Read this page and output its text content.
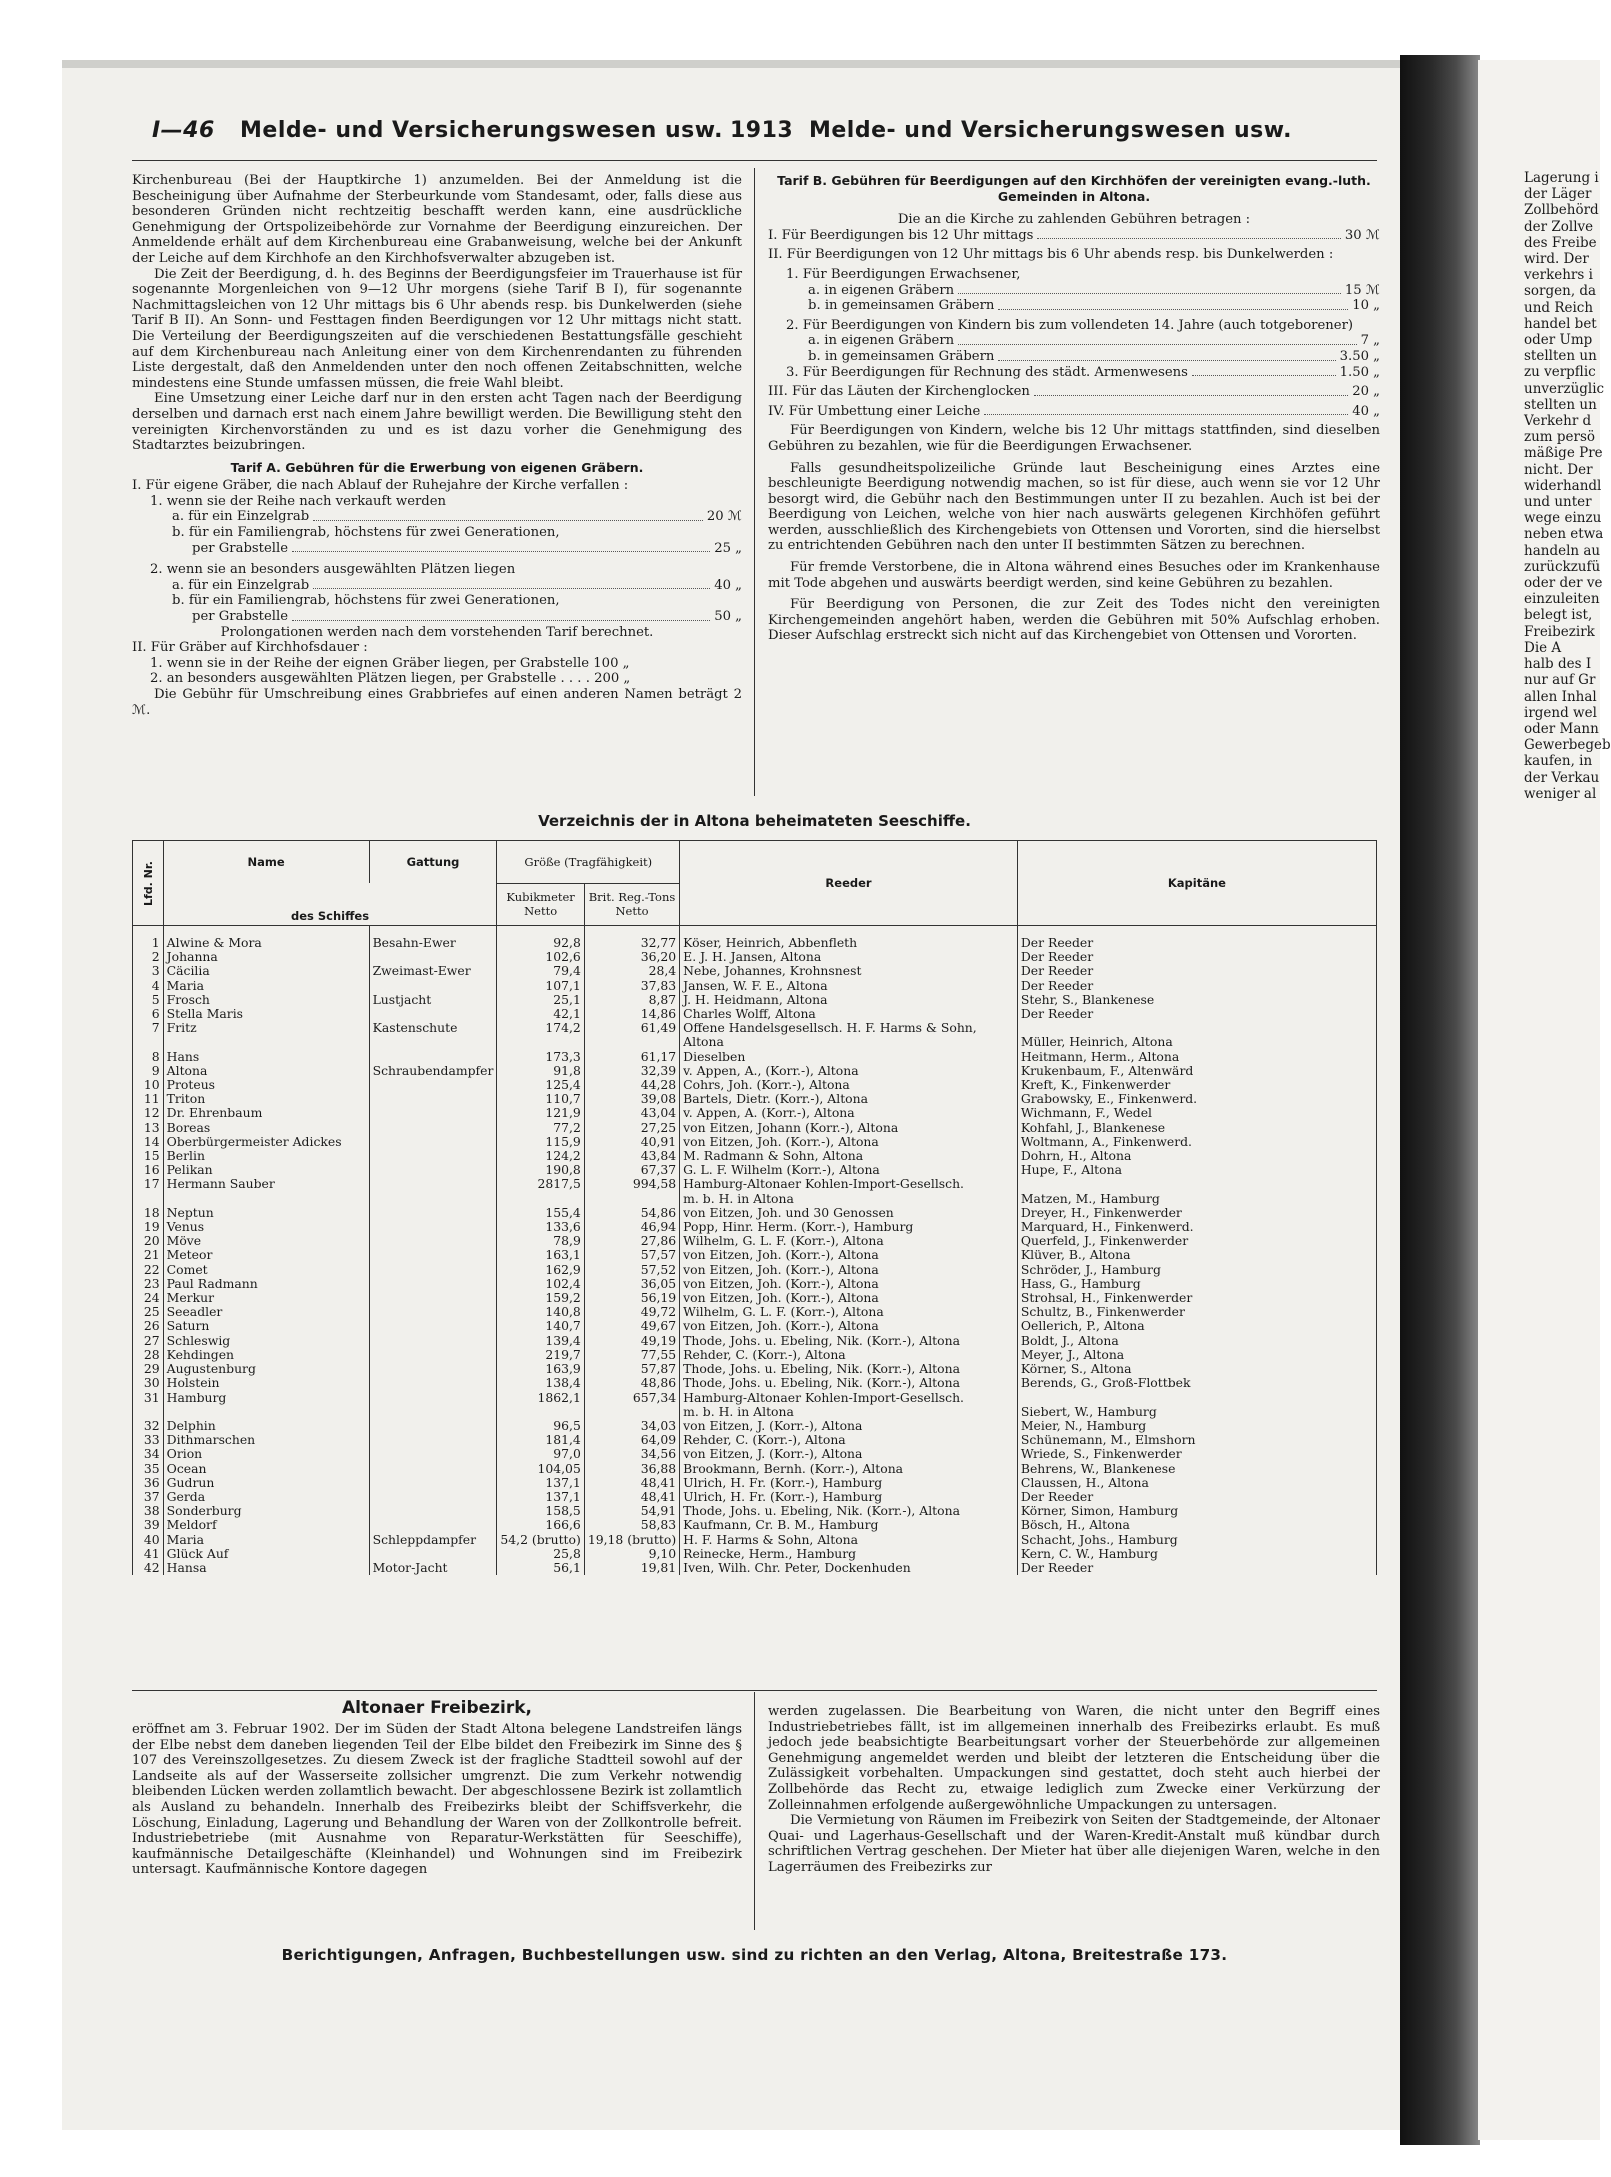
Lagerung i
der Läger
Zollbehörd
der Zollve
des Freibe
wird. Der
verkehrs i
sorgen, da
und Reich
handel bet
oder Ump
stellten un
zu verpflic
unverzüglic
stellten un
Verkehr d
zum persö
mäßige Pre
nicht. Der
widerhandl
und unter
wege einzu
neben etwa
handeln au
zurückzufü
oder der ve
einzuleiten
belegt ist,
Freibezirk
Die A
halb des I
nur auf Gr
allen Inhal
irgend wel
oder Mann
Gewerbegeb
kaufen, in
der Verkau
weniger al
I—46 Melde- und Versicherungswesen usw. 1913 Melde- und Versicherungswesen usw.

Kirchenbureau (Bei der Hauptkirche 1) anzumelden. Bei der Anmeldung ist die Bescheinigung über Aufnahme der Sterbeurkunde vom Standesamt, oder, falls diese aus besonderen Gründen nicht rechtzeitig beschafft werden kann, eine ausdrückliche Genehmigung der Ortspolizeibehörde zur Vornahme der Beerdigung einzureichen. Der Anmeldende erhält auf dem Kirchenbureau eine Grabanweisung, welche bei der Ankunft der Leiche auf dem Kirchhofe an den Kirchhofsverwalter abzugeben ist.

Die Zeit der Beerdigung, d. h. des Beginns der Beerdigungsfeier im Trauerhause ist für sogenannte Morgenleichen von 9—12 Uhr morgens (siehe Tarif B I), für sogenannte Nachmittagsleichen von 12 Uhr mittags bis 6 Uhr abends resp. bis Dunkelwerden (siehe Tarif B II). An Sonn- und Festtagen finden Beerdigungen vor 12 Uhr mittags nicht statt. Die Verteilung der Beerdigungszeiten auf die verschiedenen Bestattungsfälle geschieht auf dem Kirchenbureau nach Anleitung einer von dem Kirchenrendanten zu führenden Liste dergestalt, daß den Anmeldenden unter den noch offenen Zeitabschnitten, welche mindestens eine Stunde umfassen müssen, die freie Wahl bleibt.

Eine Umsetzung einer Leiche darf nur in den ersten acht Tagen nach der Beerdigung derselben und darnach erst nach einem Jahre bewilligt werden. Die Bewilligung steht den vereinigten Kirchenvorständen zu und es ist dazu vorher die Genehmigung des Stadtarztes beizubringen.

Tarif A. Gebühren für die Erwerbung von eigenen Gräbern.

I. Für eigene Gräber, die nach Ablauf der Ruhejahre der Kirche verfallen :

1. wenn sie der Reihe nach verkauft werden

a. für ein Einzelgrab	20 ℳ

b. für ein Familiengrab, höchstens für zwei Generationen,

per Grabstelle	25 „

2. wenn sie an besonders ausgewählten Plätzen liegen

a. für ein Einzelgrab	40 „

b. für ein Familiengrab, höchstens für zwei Generationen,

per Grabstelle	50 „

Prolongationen werden nach dem vorstehenden Tarif berechnet.

II. Für Gräber auf Kirchhofsdauer :

1. wenn sie in der Reihe der eignen Gräber liegen, per Grabstelle 100 „

2. an besonders ausgewählten Plätzen liegen, per Grabstelle . . . . 200 „

Die Gebühr für Umschreibung eines Grabbriefes auf einen anderen Namen beträgt 2 ℳ.

Tarif B. Gebühren für Beerdigungen auf den Kirchhöfen der vereinigten evang.-luth. Gemeinden in Altona.

Die an die Kirche zu zahlenden Gebühren betragen :

I. Für Beerdigungen bis 12 Uhr mittags	30 ℳ

II. Für Beerdigungen von 12 Uhr mittags bis 6 Uhr abends resp. bis Dunkelwerden :

1. Für Beerdigungen Erwachsener,

a. in eigenen Gräbern	15 ℳ
b. in gemeinsamen Gräbern	10 „

2. Für Beerdigungen von Kindern bis zum vollendeten 14. Jahre (auch totgeborener)

a. in eigenen Gräbern	7 „
b. in gemeinsamen Gräbern	3.50 „
3. Für Beerdigungen für Rechnung des städt. Armenwesens	1.50 „
III. Für das Läuten der Kirchenglocken	20 „
IV. Für Umbettung einer Leiche	40 „

Für Beerdigungen von Kindern, welche bis 12 Uhr mittags stattfinden, sind dieselben Gebühren zu bezahlen, wie für die Beerdigungen Erwachsener.

Falls gesundheitspolizeiliche Gründe laut Bescheinigung eines Arztes eine beschleunigte Beerdigung notwendig machen, so ist für diese, auch wenn sie vor 12 Uhr besorgt wird, die Gebühr nach den Bestimmungen unter II zu bezahlen. Auch ist bei der Beerdigung von Leichen, welche von hier nach auswärts gelegenen Kirchhöfen geführt werden, ausschließlich des Kirchengebiets von Ottensen und Vororten, sind die hierselbst zu entrichtenden Gebühren nach den unter II bestimmten Sätzen zu berechnen.

Für fremde Verstorbene, die in Altona während eines Besuches oder im Krankenhause mit Tode abgehen und auswärts beerdigt werden, sind keine Gebühren zu bezahlen.

Für Beerdigung von Personen, die zur Zeit des Todes nicht den vereinigten Kirchengemeinden angehört haben, werden die Gebühren mit 50% Aufschlag erhoben. Dieser Aufschlag erstreckt sich nicht auf das Kirchengebiet von Ottensen und Vororten.

Verzeichnis der in Altona beheimateten Seeschiffe.
Lfd. Nr.	Name	Gattung	Größe (Tragfähigkeit)		Reeder	Kapitäne
	des Schiffes		Kubikmeter Netto	Brit. Reg.-Tons Netto		
1	Alwine & Mora	Besahn-Ewer	92,8	32,77	Köser, Heinrich, Abbenfleth	Der Reeder
2	Johanna		102,6	36,20	E. J. H. Jansen, Altona	Der Reeder
3	Cäcilia	Zweimast-Ewer	79,4	28,4	Nebe, Johannes, Krohnsnest	Der Reeder
4	Maria		107,1	37,83	Jansen, W. F. E., Altona	Der Reeder
5	Frosch	Lustjacht	25,1	8,87	J. H. Heidmann, Altona	Stehr, S., Blankenese
6	Stella Maris		42,1	14,86	Charles Wolff, Altona	Der Reeder
7	Fritz	Kastenschute	174,2	61,49	Offene Handelsgesellsch. H. F. Harms & Sohn,	
					Altona	Müller, Heinrich, Altona
8	Hans		173,3	61,17	Dieselben	Heitmann, Herm., Altona
9	Altona	Schraubendampfer	91,8	32,39	v. Appen, A., (Korr.-), Altona	Krukenbaum, F., Altenwärd
10	Proteus		125,4	44,28	Cohrs, Joh. (Korr.-), Altona	Kreft, K., Finkenwerder
11	Triton		110,7	39,08	Bartels, Dietr. (Korr.-), Altona	Grabowsky, E., Finkenwerd.
12	Dr. Ehrenbaum		121,9	43,04	v. Appen, A. (Korr.-), Altona	Wichmann, F., Wedel
13	Boreas		77,2	27,25	von Eitzen, Johann (Korr.-), Altona	Kohfahl, J., Blankenese
14	Oberbürgermeister Adickes		115,9	40,91	von Eitzen, Joh. (Korr.-), Altona	Woltmann, A., Finkenwerd.
15	Berlin		124,2	43,84	M. Radmann & Sohn, Altona	Dohrn, H., Altona
16	Pelikan		190,8	67,37	G. L. F. Wilhelm (Korr.-), Altona	Hupe, F., Altona
17	Hermann Sauber		2817,5	994,58	Hamburg-Altonaer Kohlen-Import-Gesellsch.	
					m. b. H. in Altona	Matzen, M., Hamburg
18	Neptun		155,4	54,86	von Eitzen, Joh. und 30 Genossen	Dreyer, H., Finkenwerder
19	Venus		133,6	46,94	Popp, Hinr. Herm. (Korr.-), Hamburg	Marquard, H., Finkenwerd.
20	Möve		78,9	27,86	Wilhelm, G. L. F. (Korr.-), Altona	Querfeld, J., Finkenwerder
21	Meteor		163,1	57,57	von Eitzen, Joh. (Korr.-), Altona	Klüver, B., Altona
22	Comet		162,9	57,52	von Eitzen, Joh. (Korr.-), Altona	Schröder, J., Hamburg
23	Paul Radmann		102,4	36,05	von Eitzen, Joh. (Korr.-), Altona	Hass, G., Hamburg
24	Merkur		159,2	56,19	von Eitzen, Joh. (Korr.-), Altona	Strohsal, H., Finkenwerder
25	Seeadler		140,8	49,72	Wilhelm, G. L. F. (Korr.-), Altona	Schultz, B., Finkenwerder
26	Saturn		140,7	49,67	von Eitzen, Joh. (Korr.-), Altona	Oellerich, P., Altona
27	Schleswig		139,4	49,19	Thode, Johs. u. Ebeling, Nik. (Korr.-), Altona	Boldt, J., Altona
28	Kehdingen		219,7	77,55	Rehder, C. (Korr.-), Altona	Meyer, J., Altona
29	Augustenburg		163,9	57,87	Thode, Johs. u. Ebeling, Nik. (Korr.-), Altona	Körner, S., Altona
30	Holstein		138,4	48,86	Thode, Johs. u. Ebeling, Nik. (Korr.-), Altona	Berends, G., Groß-Flottbek
31	Hamburg		1862,1	657,34	Hamburg-Altonaer Kohlen-Import-Gesellsch.	
					m. b. H. in Altona	Siebert, W., Hamburg
32	Delphin		96,5	34,03	von Eitzen, J. (Korr.-), Altona	Meier, N., Hamburg
33	Dithmarschen		181,4	64,09	Rehder, C. (Korr.-), Altona	Schünemann, M., Elmshorn
34	Orion		97,0	34,56	von Eitzen, J. (Korr.-), Altona	Wriede, S., Finkenwerder
35	Ocean		104,05	36,88	Brookmann, Bernh. (Korr.-), Altona	Behrens, W., Blankenese
36	Gudrun		137,1	48,41	Ulrich, H. Fr. (Korr.-), Hamburg	Claussen, H., Altona
37	Gerda		137,1	48,41	Ulrich, H. Fr. (Korr.-), Hamburg	Der Reeder
38	Sonderburg		158,5	54,91	Thode, Johs. u. Ebeling, Nik. (Korr.-), Altona	Körner, Simon, Hamburg
39	Meldorf		166,6	58,83	Kaufmann, Cr. B. M., Hamburg	Bösch, H., Altona
40	Maria	Schleppdampfer	54,2 (brutto)	19,18 (brutto)	H. F. Harms & Sohn, Altona	Schacht, Johs., Hamburg
41	Glück Auf		25,8	9,10	Reinecke, Herm., Hamburg	Kern, C. W., Hamburg
42	Hansa	Motor-Jacht	56,1	19,81	Iven, Wilh. Chr. Peter, Dockenhuden	Der Reeder
Altonaer Freibezirk,

eröffnet am 3. Februar 1902. Der im Süden der Stadt Altona belegene Landstreifen längs der Elbe nebst dem daneben liegenden Teil der Elbe bildet den Freibezirk im Sinne des § 107 des Vereinszollgesetzes. Zu diesem Zweck ist der fragliche Stadtteil sowohl auf der Landseite als auf der Wasserseite zollsicher umgrenzt. Die zum Verkehr notwendig bleibenden Lücken werden zollamtlich bewacht. Der abgeschlossene Bezirk ist zollamtlich als Ausland zu behandeln. Innerhalb des Freibezirks bleibt der Schiffsverkehr, die Löschung, Einladung, Lagerung und Behandlung der Waren von der Zollkontrolle befreit. Industriebetriebe (mit Ausnahme von Reparatur-Werkstätten für Seeschiffe), kaufmännische Detailgeschäfte (Kleinhandel) und Wohnungen sind im Freibezirk untersagt. Kaufmännische Kontore dagegen

werden zugelassen. Die Bearbeitung von Waren, die nicht unter den Begriff eines Industriebetriebes fällt, ist im allgemeinen innerhalb des Freibezirks erlaubt. Es muß jedoch jede beabsichtigte Bearbeitungsart vorher der Steuerbehörde zur allgemeinen Genehmigung angemeldet werden und bleibt der letzteren die Entscheidung über die Zulässigkeit vorbehalten. Umpackungen sind gestattet, doch steht auch hierbei der Zollbehörde das Recht zu, etwaige lediglich zum Zwecke einer Verkürzung der Zolleinnahmen erfolgende außergewöhnliche Umpackungen zu untersagen.

Die Vermietung von Räumen im Freibezirk von Seiten der Stadtgemeinde, der Altonaer Quai- und Lagerhaus-Gesellschaft und der Waren-Kredit-Anstalt muß kündbar durch schriftlichen Vertrag geschehen. Der Mieter hat über alle diejenigen Waren, welche in den Lagerräumen des Freibezirks zur

Berichtigungen, Anfragen, Buchbestellungen usw. sind zu richten an den Verlag, Altona, Breitestraße 173.
